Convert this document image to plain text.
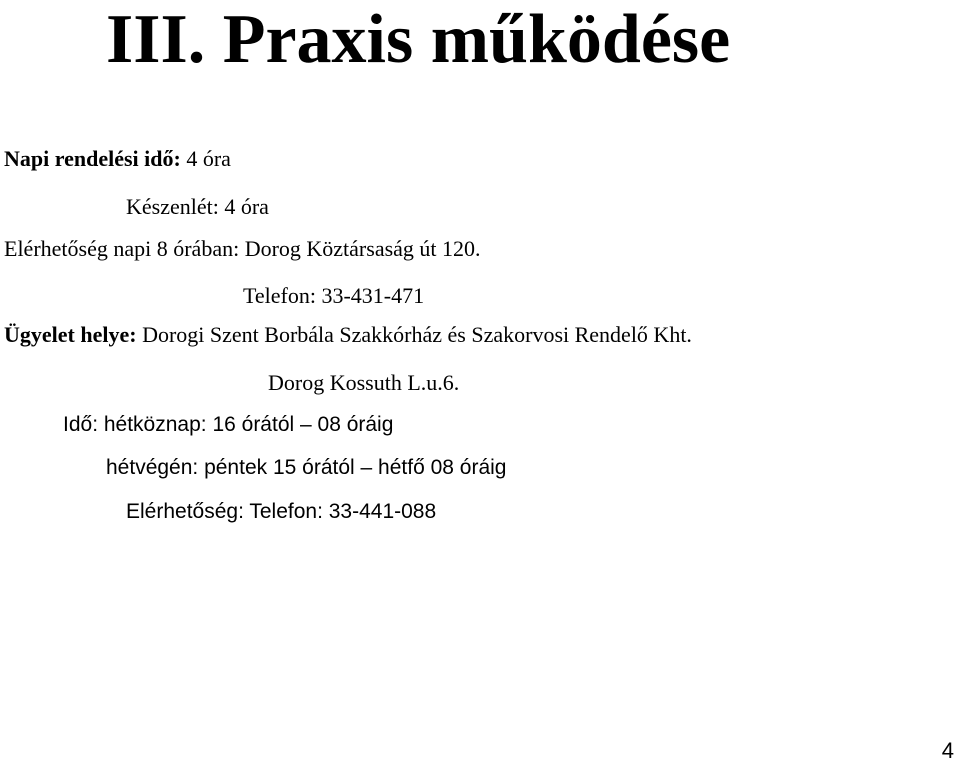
III. Praxis működése
Napi rendelési idő: 4 óra
Készenlét: 4 óra
Elérhetőség napi 8 órában: Dorog Köztársaság út 120.
Telefon: 33-431-471
Ügyelet helye: Dorogi Szent Borbála Szakkórház és Szakorvosi Rendelő Kht.
Dorog Kossuth L.u.6.
Idő: hétköznap: 16 órától – 08 óráig
hétvégén: péntek 15 órától – hétfő 08 óráig
Elérhetőség: Telefon: 33-441-088
4
